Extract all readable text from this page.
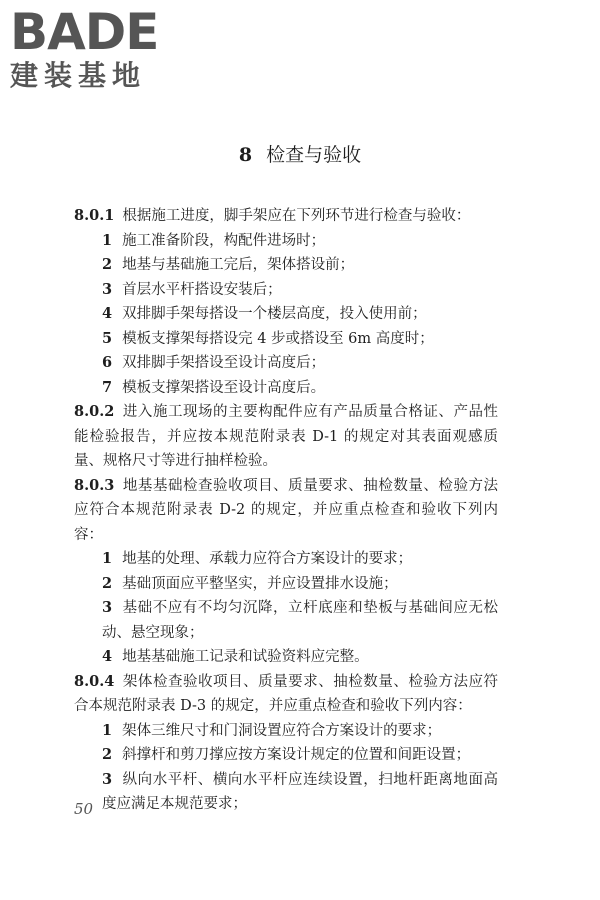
BADE
建装基地
8 检查与验收

8.0.1 根据施工进度，脚手架应在下列环节进行检查与验收：

1 施工准备阶段，构配件进场时；

2 地基与基础施工完后，架体搭设前；

3 首层水平杆搭设安装后；

4 双排脚手架每搭设一个楼层高度，投入使用前；

5 模板支撑架每搭设完 4 步或搭设至 6m 高度时；

6 双排脚手架搭设至设计高度后；

7 模板支撑架搭设至设计高度后。

8.0.2 进入施工现场的主要构配件应有产品质量合格证、产品性能检验报告，并应按本规范附录表 D-1 的规定对其表面观感质量、规格尺寸等进行抽样检验。

8.0.3 地基基础检查验收项目、质量要求、抽检数量、检验方法应符合本规范附录表 D-2 的规定，并应重点检查和验收下列内容：

1 地基的处理、承载力应符合方案设计的要求；

2 基础顶面应平整坚实，并应设置排水设施；

3 基础不应有不均匀沉降，立杆底座和垫板与基础间应无松动、悬空现象；

4 地基基础施工记录和试验资料应完整。

8.0.4 架体检查验收项目、质量要求、抽检数量、检验方法应符合本规范附录表 D-3 的规定，并应重点检查和验收下列内容：

1 架体三维尺寸和门洞设置应符合方案设计的要求；

2 斜撑杆和剪刀撑应按方案设计规定的位置和间距设置；

3 纵向水平杆、横向水平杆应连续设置，扫地杆距离地面高度应满足本规范要求；

50
